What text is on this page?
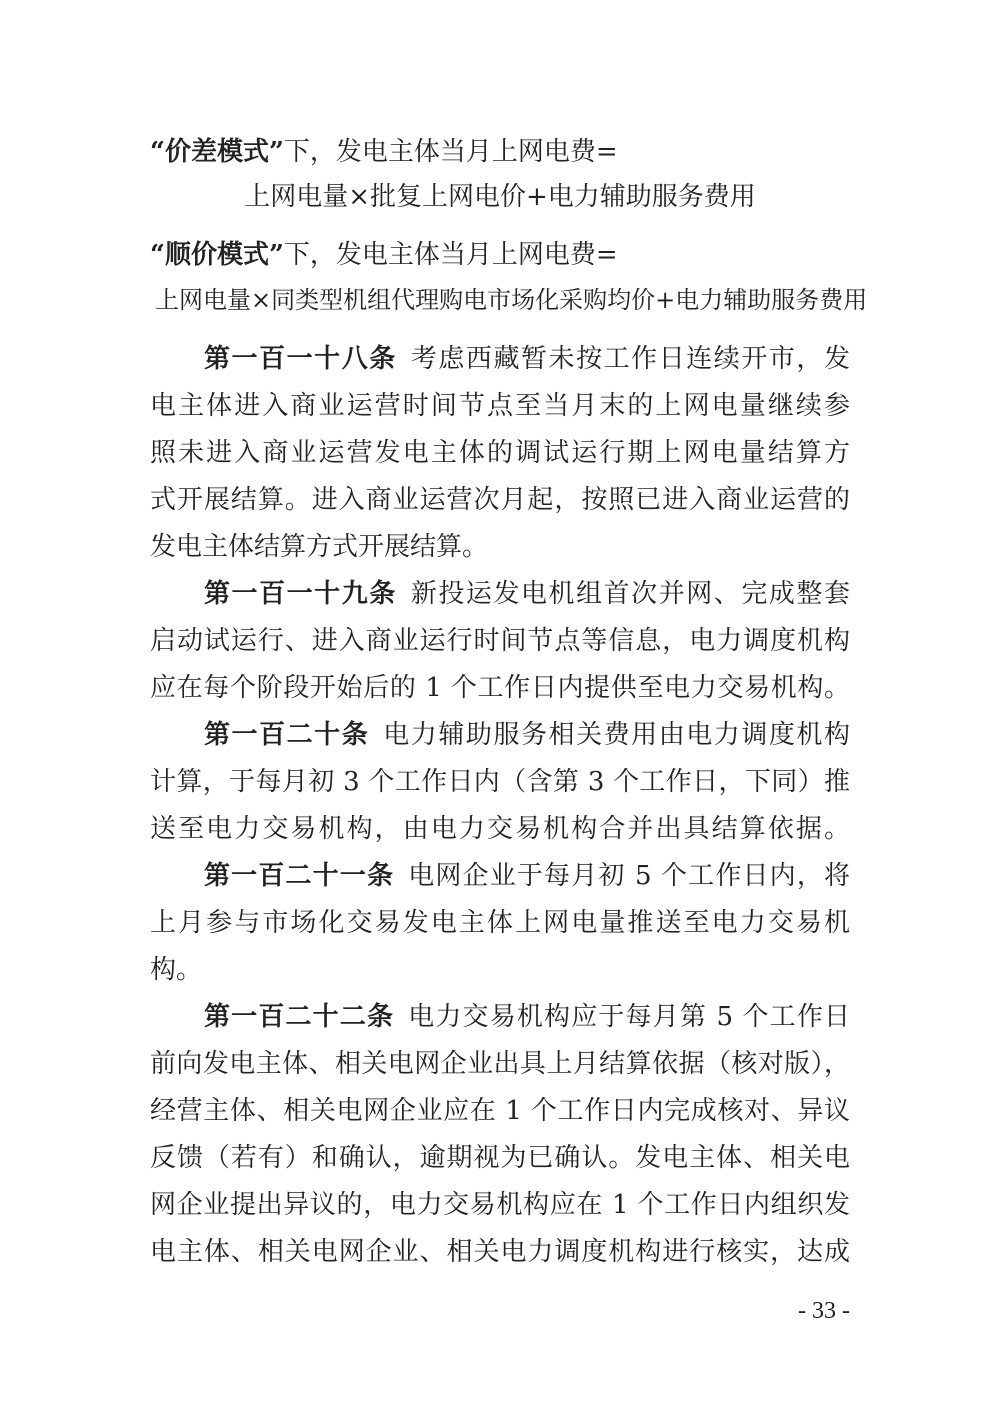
“价差模式”下，发电主体当月上网电费=
上网电量×批复上网电价+电力辅助服务费用
“顺价模式”下，发电主体当月上网电费=
上网电量×同类型机组代理购电市场化采购均价+电力辅助服务费用
第一百一十八条 考虑西藏暂未按工作日连续开市，发
电主体进入商业运营时间节点至当月末的上网电量继续参
照未进入商业运营发电主体的调试运行期上网电量结算方
式开展结算。进入商业运营次月起，按照已进入商业运营的
发电主体结算方式开展结算。
第一百一十九条 新投运发电机组首次并网、完成整套
启动试运行、进入商业运行时间节点等信息，电力调度机构
应在每个阶段开始后的 1 个工作日内提供至电力交易机构。
第一百二十条 电力辅助服务相关费用由电力调度机构
计算，于每月初 3 个工作日内（含第 3 个工作日，下同）推
送至电力交易机构，由电力交易机构合并出具结算依据。
第一百二十一条 电网企业于每月初 5 个工作日内，将
上月参与市场化交易发电主体上网电量推送至电力交易机
构。
第一百二十二条 电力交易机构应于每月第 5 个工作日
前向发电主体、相关电网企业出具上月结算依据（核对版），
经营主体、相关电网企业应在 1 个工作日内完成核对、异议
反馈（若有）和确认，逾期视为已确认。发电主体、相关电
网企业提出异议的，电力交易机构应在 1 个工作日内组织发
电主体、相关电网企业、相关电力调度机构进行核实，达成
- 33 -
